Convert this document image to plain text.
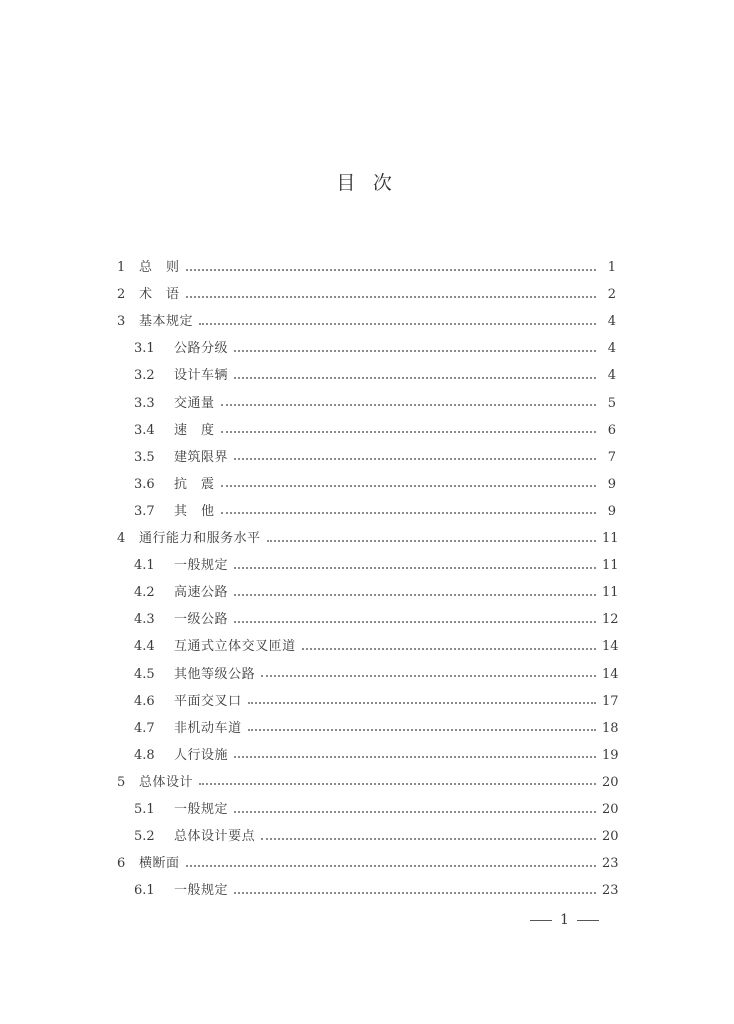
目 次
1	总　则	1
2	术　语	2
3	基本规定	4
3.1	公路分级	4
3.2	设计车辆	4
3.3	交通量	5
3.4	速　度	6
3.5	建筑限界	7
3.6	抗　震	9
3.7	其　他	9
4	通行能力和服务水平	11
4.1	一般规定	11
4.2	高速公路	11
4.3	一级公路	12
4.4	互通式立体交叉匝道	14
4.5	其他等级公路	14
4.6	平面交叉口	17
4.7	非机动车道	18
4.8	人行设施	19
5	总体设计	20
5.1	一般规定	20
5.2	总体设计要点	20
6	横断面	23
6.1	一般规定	23
1
